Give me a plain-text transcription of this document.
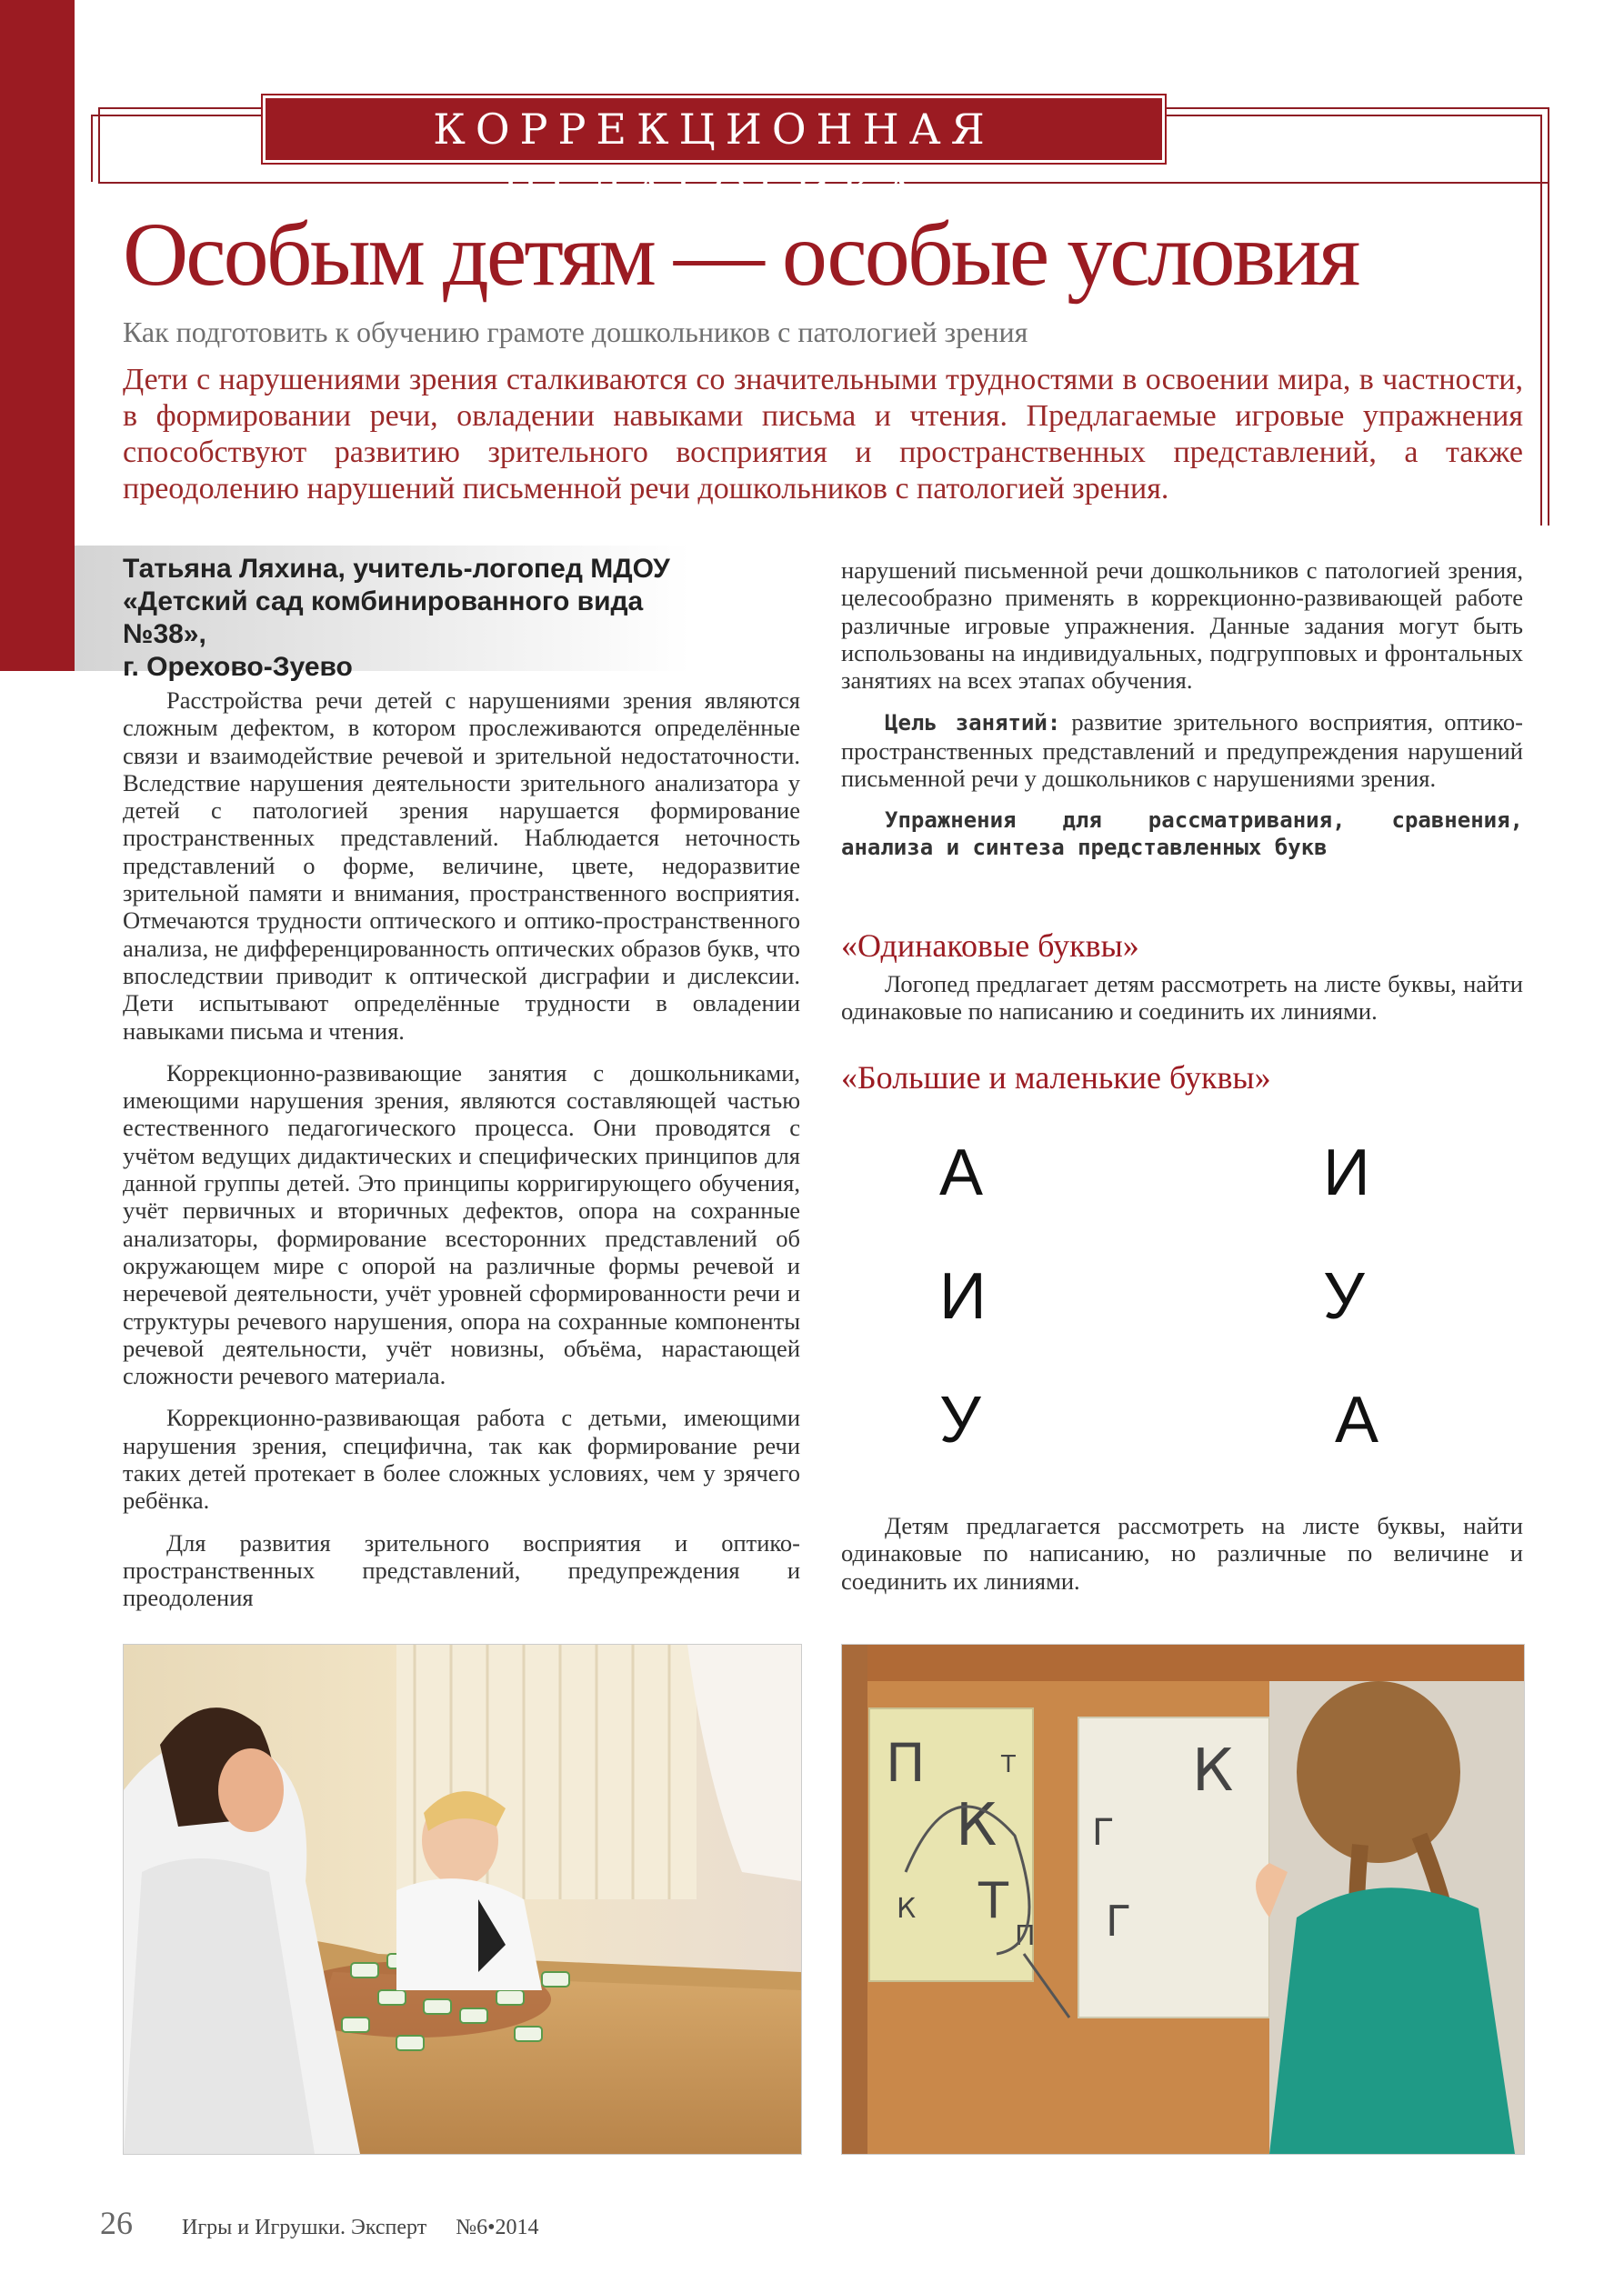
КОРРЕКЦИОННАЯ ПЕДАГОГИКА
Особым детям — особые условия
Как подготовить к обучению грамоте дошкольников с патологией зрения
Дети с нарушениями зрения сталкиваются со значительными трудностями в освоении мира, в частности, в формировании речи, овладении навыками письма и чтения. Предлагаемые игровые упражнения способствуют развитию зрительного восприятия и пространственных представлений, а также преодолению нарушений письменной речи дошкольников с патологией зрения.
Татьяна Ляхина, учитель-логопед МДОУ
«Детский сад комбинированного вида №38»,
г. Орехово-Зуево

Расстройства речи детей с нарушениями зрения являются сложным дефектом, в котором прослеживаются определённые связи и взаимодействие речевой и зрительной недостаточности. Вследствие нарушения деятельности зрительного анализатора у детей с патологией зрения нарушается формирование пространственных представлений. Наблюдается неточность представлений о форме, величине, цвете, недоразвитие зрительной памяти и внимания, пространственного восприятия. Отмечаются трудности оптического и оптико-пространственного анализа, не дифференцированность оптических образов букв, что впоследствии приводит к оптической дисграфии и дислексии. Дети испытывают определённые трудности в овладении навыками письма и чтения.

Коррекционно-развивающие занятия с дошкольниками, имеющими нарушения зрения, являются составляющей частью естественного педагогического процесса. Они проводятся с учётом ведущих дидактических и специфических принципов для данной группы детей. Это принципы корригирующего обучения, учёт первичных и вторичных дефектов, опора на сохранные анализаторы, формирование всесторонних представлений об окружающем мире с опорой на различные формы речевой и неречевой деятельности, учёт уровней сформированности речи и структуры речевого нарушения, опора на сохранные компоненты речевой деятельности, учёт новизны, объёма, нарастающей сложности речевого материала.

Коррекционно-развивающая работа с детьми, имеющими нарушения зрения, специфична, так как формирование речи таких детей протекает в более сложных условиях, чем у зрячего ребёнка.

Для развития зрительного восприятия и оптико-пространственных представлений, предупреждения и преодоления

нарушений письменной речи дошкольников с патологией зрения, целесообразно применять в коррекционно-развивающей работе различные игровые упражнения. Данные задания могут быть использованы на индивидуальных, подгрупповых и фронтальных занятиях на всех этапах обучения.

Цель занятий: развитие зрительного восприятия, оптико-пространственных представлений и предупреждения нарушений письменной речи у дошкольников с нарушениями зрения.

Упражнения для рассматривания, сравнения, анализа и синтеза представленных букв

«Одинаковые буквы»

Логопед предлагает детям рассмотреть на листе буквы, найти одинаковые по написанию и соединить их линиями.

«Большие и маленькие буквы»
А
И
У
И
У
А

Детям предлагается рассмотреть на листе буквы, найти одинаковые по написанию, но различные по величине и соединить их линиями.

П
К
Т
К
Т
Г
К
Г
П
26 Игры и Игрушки. Эксперт №6•2014
